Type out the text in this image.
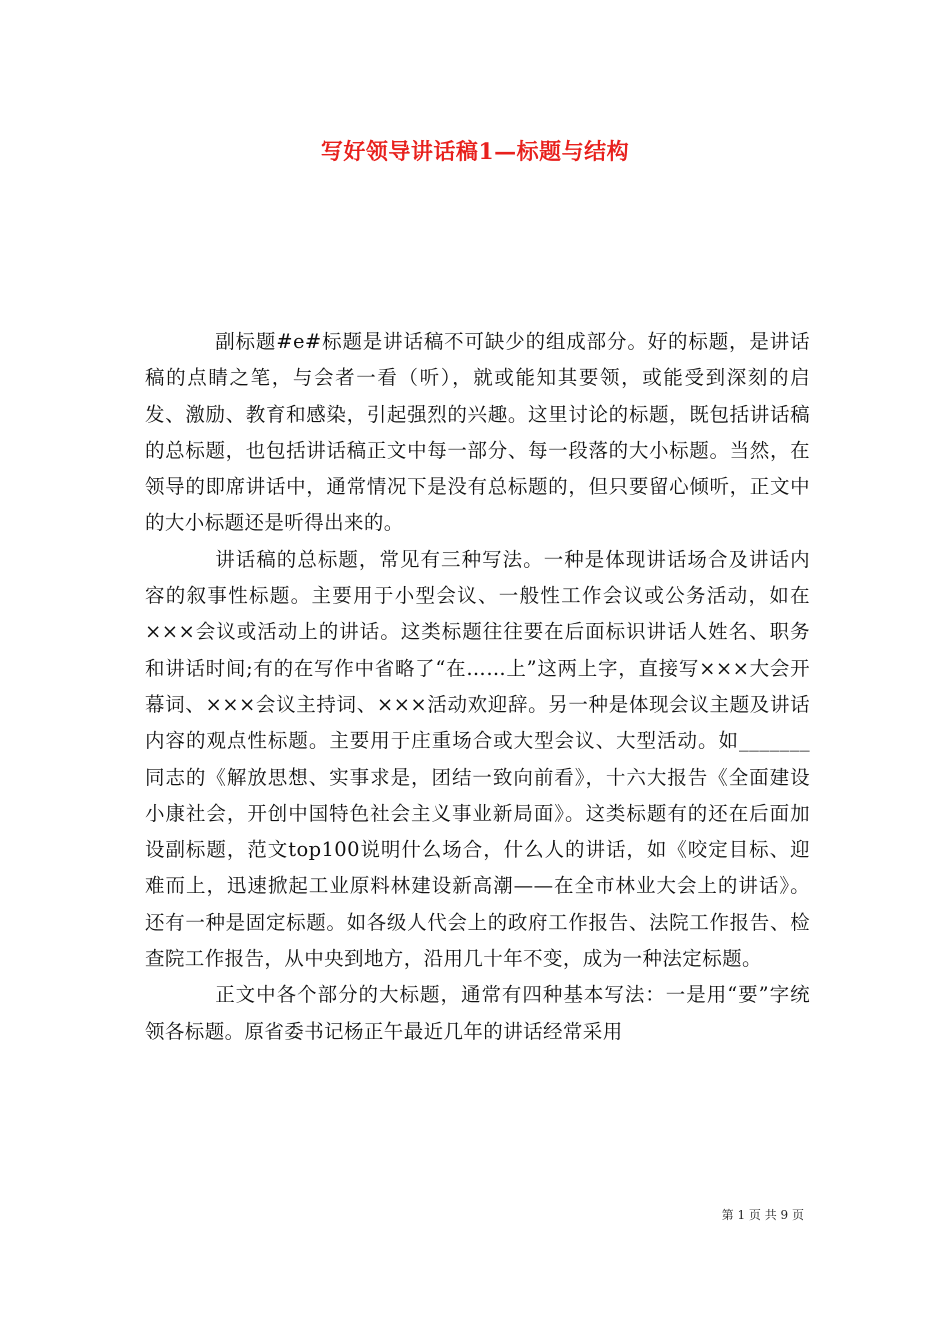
写好领导讲话稿1—标题与结构

副标题#e#标题是讲话稿不可缺少的组成部分。好的标题，是讲话稿的点睛之笔，与会者一看（听），就或能知其要领，或能受到深刻的启发、激励、教育和感染，引起强烈的兴趣。这里讨论的标题，既包括讲话稿的总标题，也包括讲话稿正文中每一部分、每一段落的大小标题。当然，在领导的即席讲话中，通常情况下是没有总标题的，但只要留心倾听，正文中的大小标题还是听得出来的。

讲话稿的总标题，常见有三种写法。一种是体现讲话场合及讲话内容的叙事性标题。主要用于小型会议、一般性工作会议或公务活动，如在×××会议或活动上的讲话。这类标题往往要在后面标识讲话人姓名、职务和讲话时间;有的在写作中省略了“在……上”这两上字，直接写×××大会开幕词、×××会议主持词、×××活动欢迎辞。另一种是体现会议主题及讲话内容的观点性标题。主要用于庄重场合或大型会议、大型活动。如_______同志的《解放思想、实事求是，团结一致向前看》，十六大报告《全面建设小康社会，开创中国特色社会主义事业新局面》。这类标题有的还在后面加设副标题，范文top100说明什么场合，什么人的讲话，如《咬定目标、迎难而上，迅速掀起工业原料林建设新高潮——在全市林业大会上的讲话》。还有一种是固定标题。如各级人代会上的政府工作报告、法院工作报告、检查院工作报告，从中央到地方，沿用几十年不变，成为一种法定标题。

正文中各个部分的大标题，通常有四种基本写法：一是用“要”字统领各标题。原省委书记杨正午最近几年的讲话经常采用

第 1 页 共 9 页
